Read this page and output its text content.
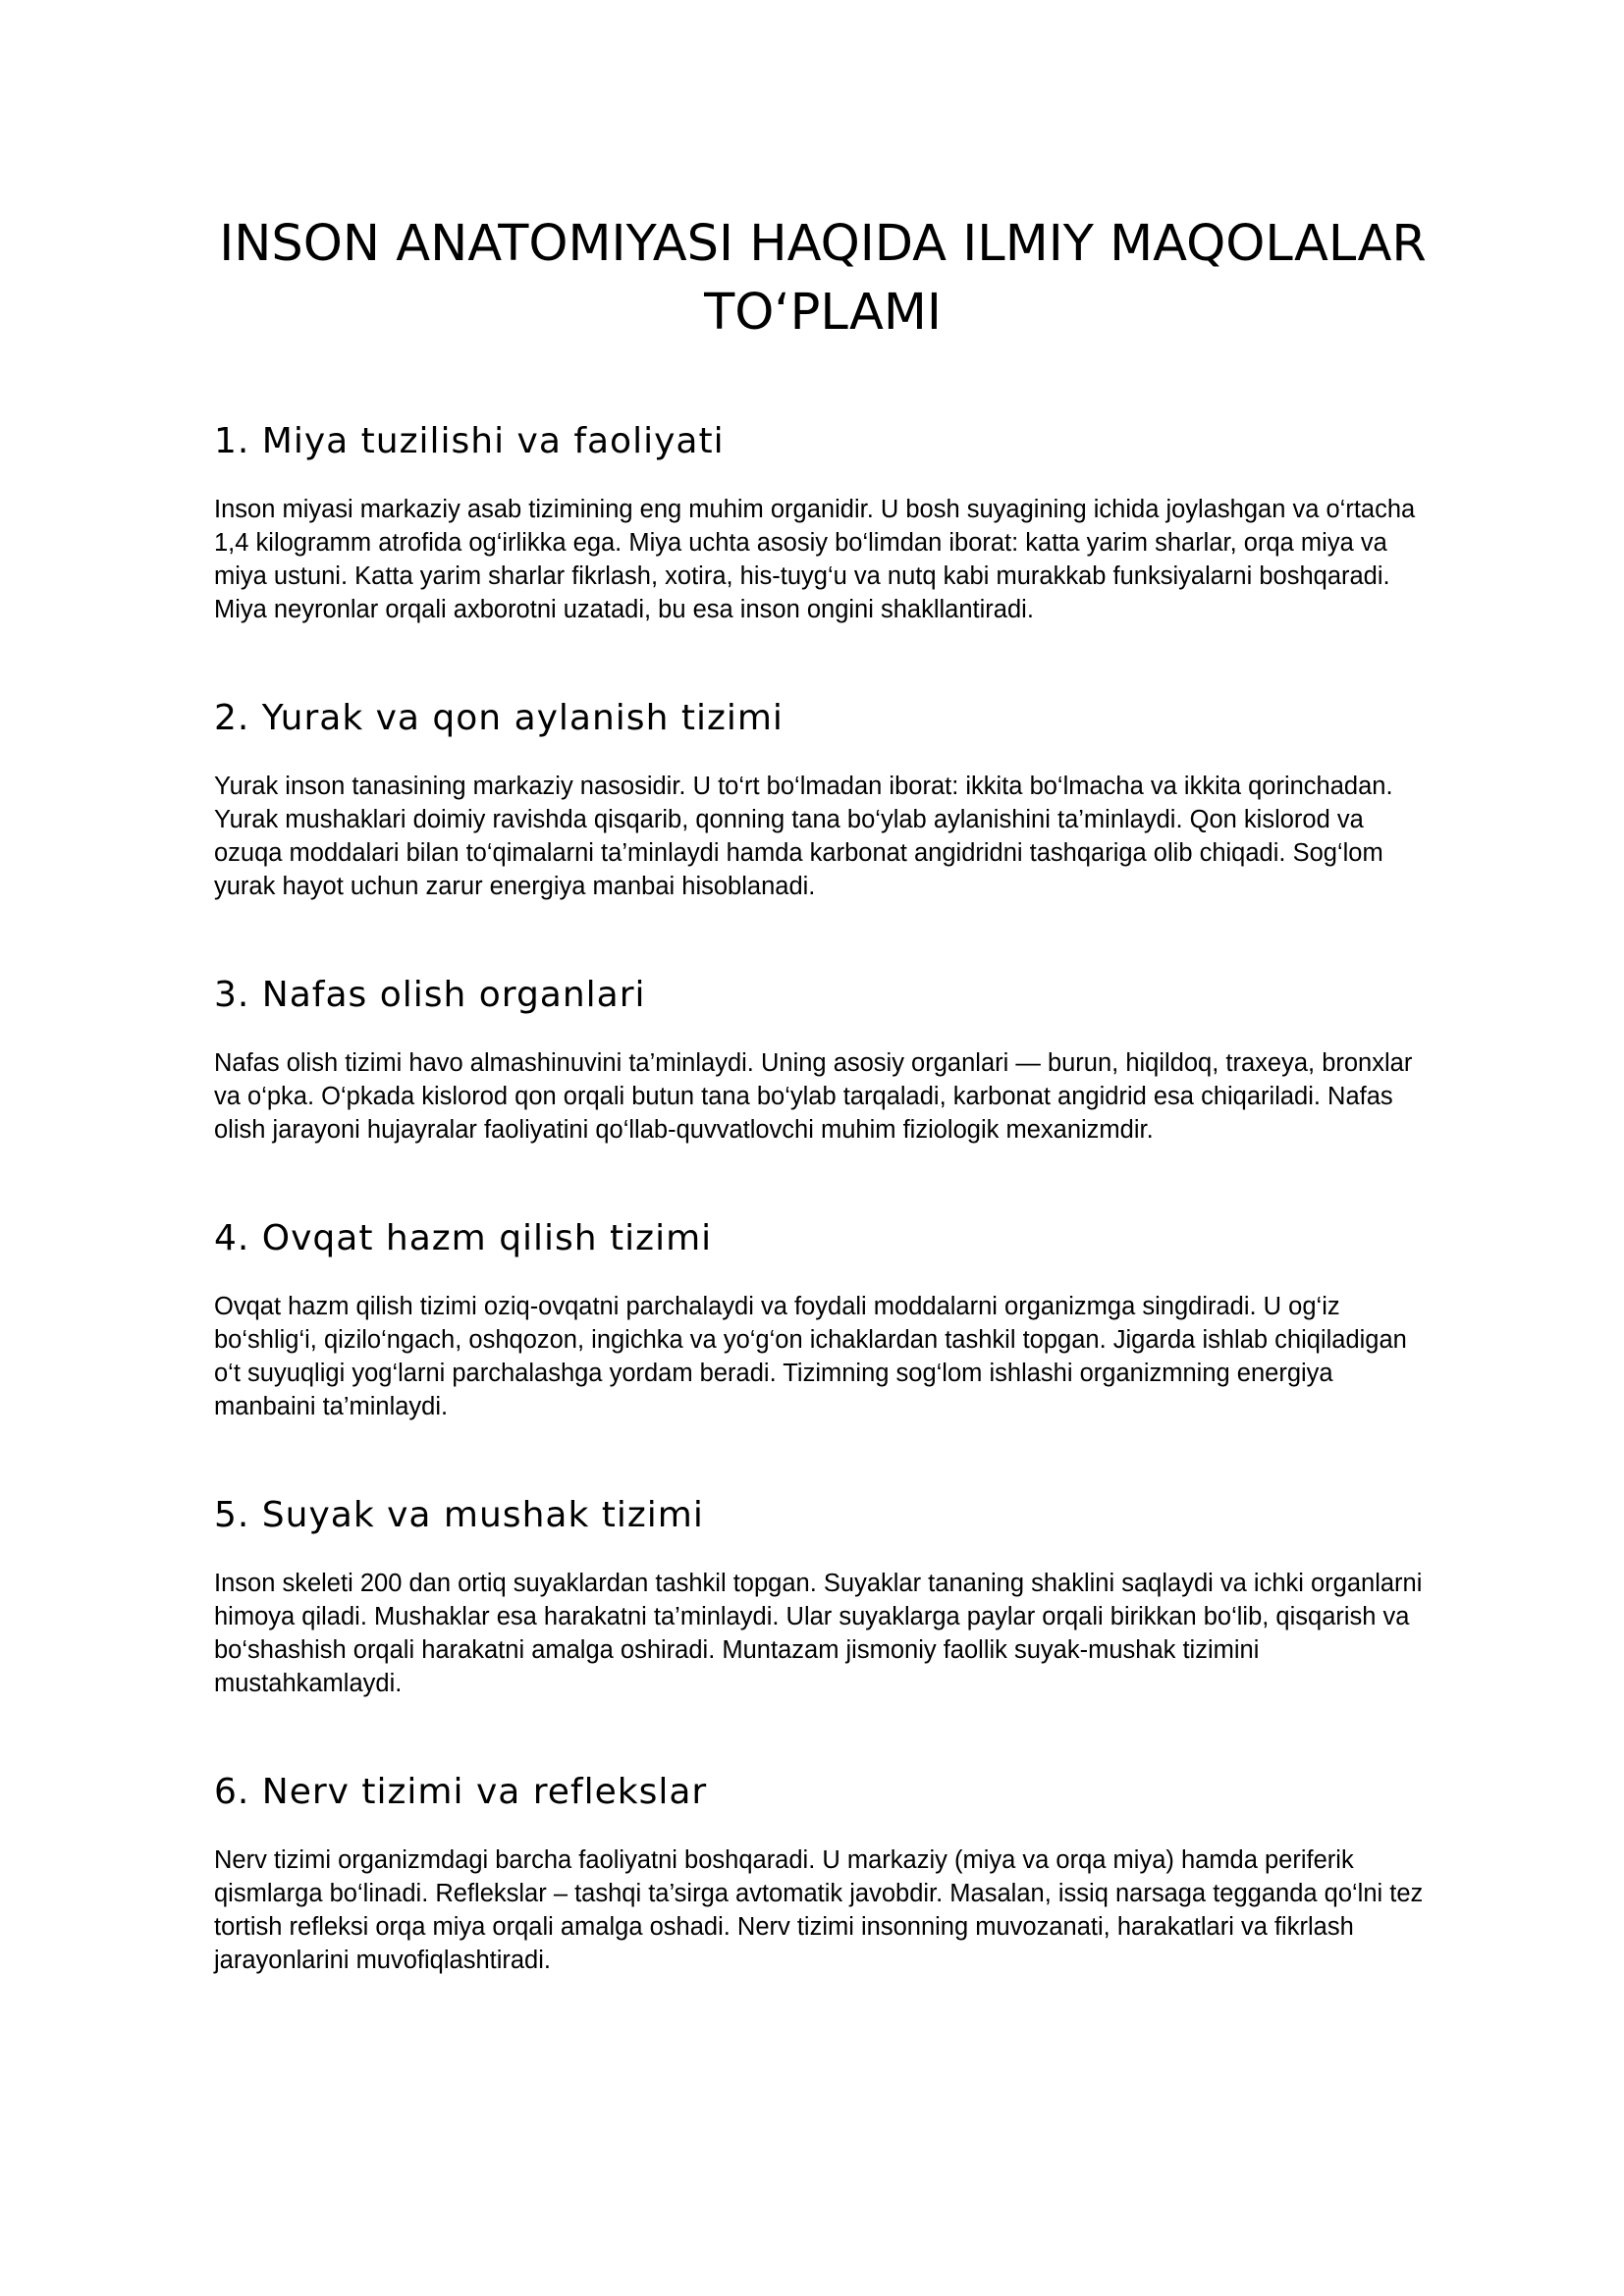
INSON ANATOMIYASI HAQIDA ILMIY MAQOLALAR TO‘PLAMI
1. Miya tuzilishi va faoliyati

Inson miyasi markaziy asab tizimining eng muhim organidir. U bosh suyagining ichida joylashgan va o‘rtacha 1,4 kilogramm atrofida og‘irlikka ega. Miya uchta asosiy bo‘limdan iborat: katta yarim sharlar, orqa miya va miya ustuni. Katta yarim sharlar fikrlash, xotira, his-tuyg‘u va nutq kabi murakkab funksiyalarni boshqaradi. Miya neyronlar orqali axborotni uzatadi, bu esa inson ongini shakllantiradi.

2. Yurak va qon aylanish tizimi

Yurak inson tanasining markaziy nasosidir. U to‘rt bo‘lmadan iborat: ikkita bo‘lmacha va ikkita qorinchadan. Yurak mushaklari doimiy ravishda qisqarib, qonning tana bo‘ylab aylanishini ta’minlaydi. Qon kislorod va ozuqa moddalari bilan to‘qimalarni ta’minlaydi hamda karbonat angidridni tashqariga olib chiqadi. Sog‘lom yurak hayot uchun zarur energiya manbai hisoblanadi.

3. Nafas olish organlari

Nafas olish tizimi havo almashinuvini ta’minlaydi. Uning asosiy organlari — burun, hiqildoq, traxeya, bronxlar va o‘pka. O‘pkada kislorod qon orqali butun tana bo‘ylab tarqaladi, karbonat angidrid esa chiqariladi. Nafas olish jarayoni hujayralar faoliyatini qo‘llab-quvvatlovchi muhim fiziologik mexanizmdir.

4. Ovqat hazm qilish tizimi

Ovqat hazm qilish tizimi oziq-ovqatni parchalaydi va foydali moddalarni organizmga singdiradi. U og‘iz bo‘shlig‘i, qizilo‘ngach, oshqozon, ingichka va yo‘g‘on ichaklardan tashkil topgan. Jigarda ishlab chiqiladigan o‘t suyuqligi yog‘larni parchalashga yordam beradi. Tizimning sog‘lom ishlashi organizmning energiya manbaini ta’minlaydi.

5. Suyak va mushak tizimi

Inson skeleti 200 dan ortiq suyaklardan tashkil topgan. Suyaklar tananing shaklini saqlaydi va ichki organlarni himoya qiladi. Mushaklar esa harakatni ta’minlaydi. Ular suyaklarga paylar orqali birikkan bo‘lib, qisqarish va bo‘shashish orqali harakatni amalga oshiradi. Muntazam jismoniy faollik suyak-mushak tizimini mustahkamlaydi.

6. Nerv tizimi va reflekslar

Nerv tizimi organizmdagi barcha faoliyatni boshqaradi. U markaziy (miya va orqa miya) hamda periferik qismlarga bo‘linadi. Reflekslar – tashqi ta’sirga avtomatik javobdir. Masalan, issiq narsaga tegganda qo‘lni tez tortish refleksi orqa miya orqali amalga oshadi. Nerv tizimi insonning muvozanati, harakatlari va fikrlash jarayonlarini muvofiqlashtiradi.
